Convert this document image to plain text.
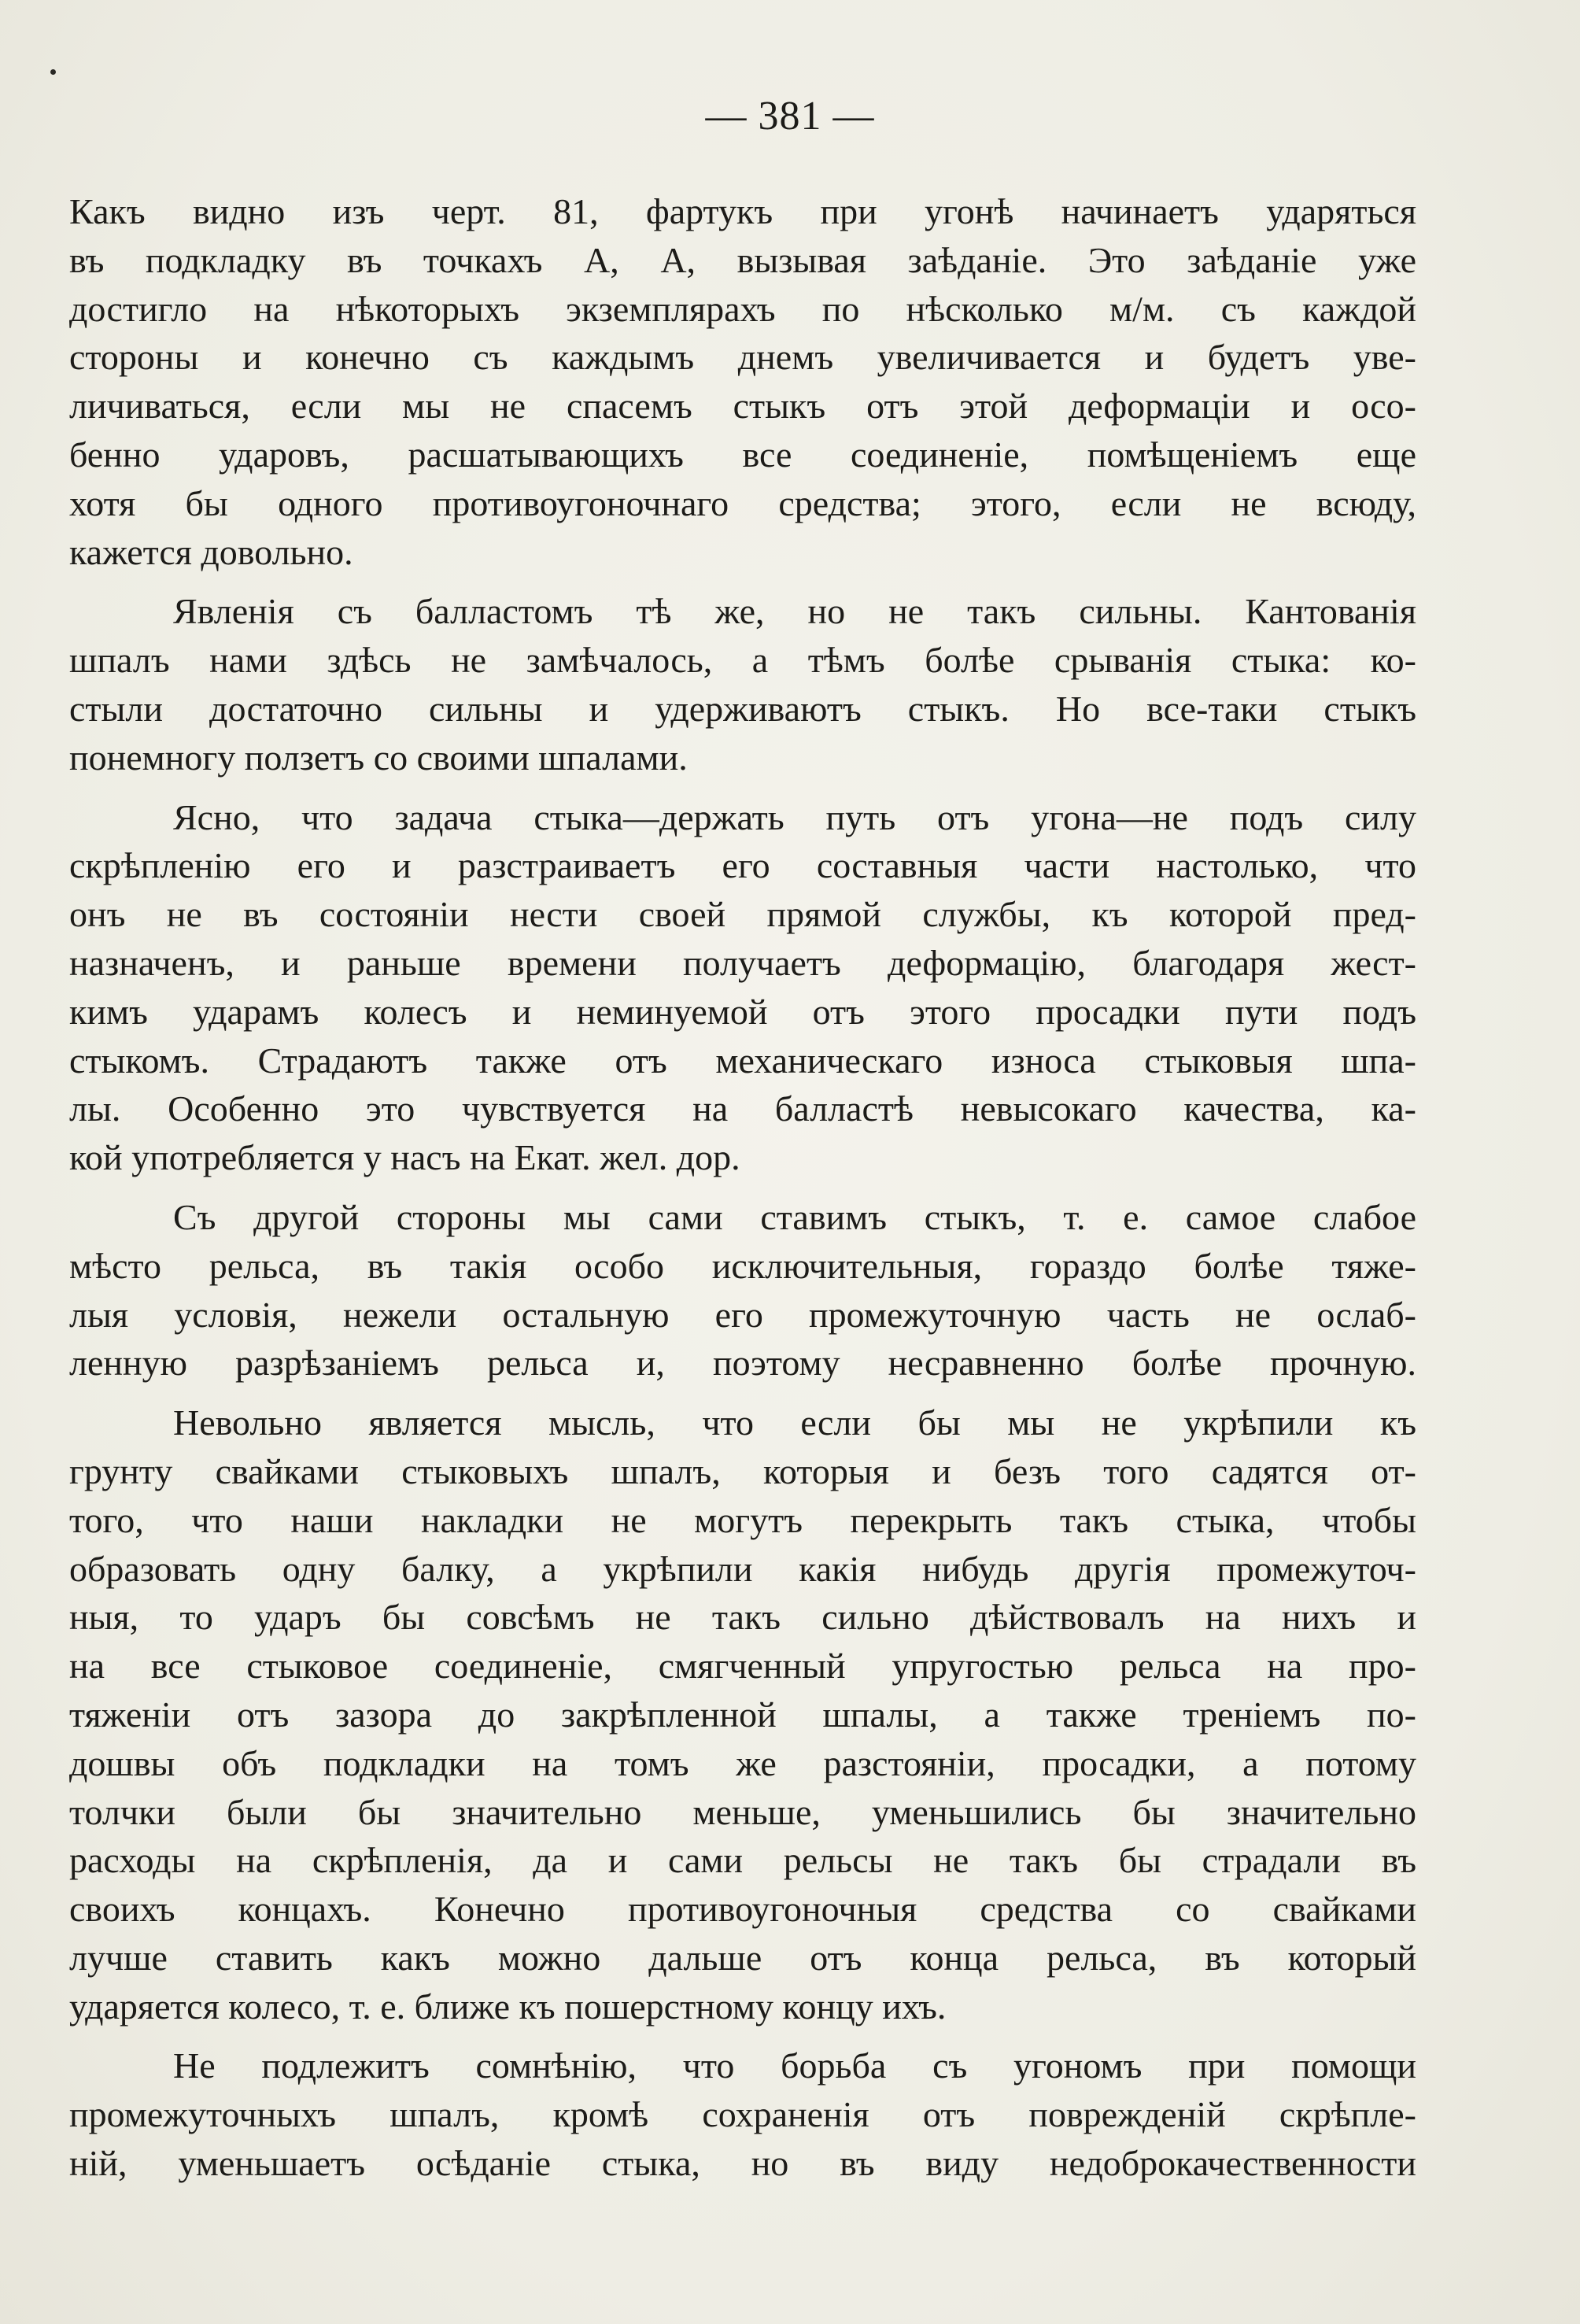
— 381 —
Какъ видно изъ черт. 81, фартукъ при угонѣ начинаетъ ударяться
въ подкладку въ точкахъ А, А, вызывая заѣданіе. Это заѣданіе уже
достигло на нѣкоторыхъ экземплярахъ по нѣсколько м/м. съ каждой
стороны и конечно съ каждымъ днемъ увеличивается и будетъ уве-
личиваться, если мы не спасемъ стыкъ отъ этой деформаціи и осо-
бенно ударовъ, расшатывающихъ все соединеніе, помѣщеніемъ еще
хотя бы одного противоугоночнаго средства; этого, если не всюду,
кажется довольно.
Явленія съ балластомъ тѣ же, но не такъ сильны. Кантованія
шпалъ нами здѣсь не замѣчалось, а тѣмъ болѣе срыванія стыка: ко-
стыли достаточно сильны и удерживаютъ стыкъ. Но все-таки стыкъ
понемногу ползетъ со своими шпалами.
Ясно, что задача стыка—держать путь отъ угона—не подъ силу
скрѣпленію его и разстраиваетъ его составныя части настолько, что
онъ не въ состояніи нести своей прямой службы, къ которой пред-
назначенъ, и раньше времени получаетъ деформацію, благодаря жест-
кимъ ударамъ колесъ и неминуемой отъ этого просадки пути подъ
стыкомъ. Страдаютъ также отъ механическаго износа стыковыя шпа-
лы. Особенно это чувствуется на балластѣ невысокаго качества, ка-
кой употребляется у насъ на Екат. жел. дор.
Съ другой стороны мы сами ставимъ стыкъ, т. е. самое слабое
мѣсто рельса, въ такія особо исключительныя, гораздо болѣе тяже-
лыя условія, нежели остальную его промежуточную часть не ослаб-
ленную разрѣзаніемъ рельса и, поэтому несравненно болѣе прочную.
Невольно является мысль, что если бы мы не укрѣпили къ
грунту свайками стыковыхъ шпалъ, которыя и безъ того садятся от-
того, что наши накладки не могутъ перекрыть такъ стыка, чтобы
образовать одну балку, а укрѣпили какія нибудь другія промежуточ-
ныя, то ударъ бы совсѣмъ не такъ сильно дѣйствовалъ на нихъ и
на все стыковое соединеніе, смягченный упругостью рельса на про-
тяженіи отъ зазора до закрѣпленной шпалы, а также треніемъ по-
дошвы объ подкладки на томъ же разстояніи, просадки, а потому
толчки были бы значительно меньше, уменьшились бы значительно
расходы на скрѣпленія, да и сами рельсы не такъ бы страдали въ
своихъ концахъ. Конечно противоугоночныя средства со свайками
лучше ставить какъ можно дальше отъ конца рельса, въ который
ударяется колесо, т. е. ближе къ пошерстному концу ихъ.
Не подлежитъ сомнѣнію, что борьба съ угономъ при помощи
промежуточныхъ шпалъ, кромѣ сохраненія отъ поврежденій скрѣпле-
ній, уменьшаетъ осѣданіе стыка, но въ виду недоброкачественности
